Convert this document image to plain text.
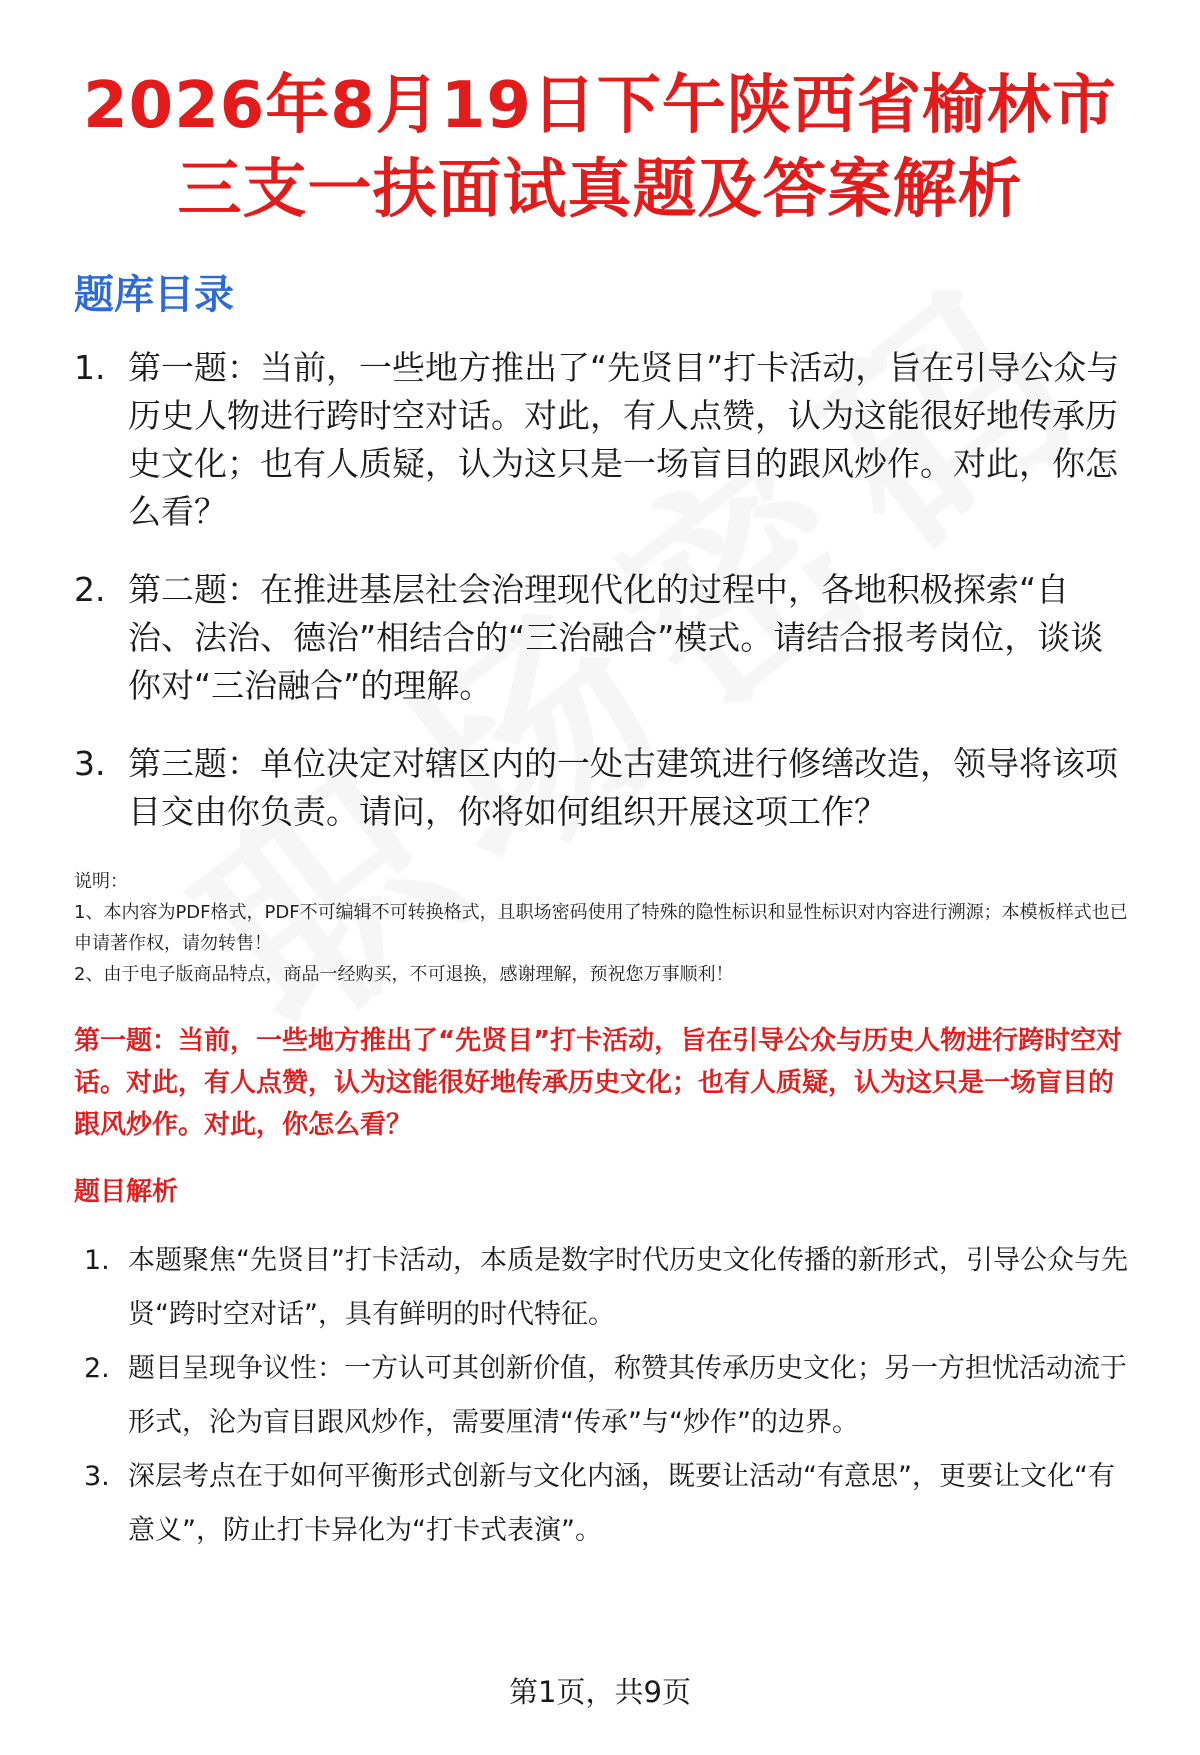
2026年8月19日下午陕西省榆林市
三支一扶面试真题及答案解析
题库目录
1. 第一题：当前，一些地方推出了“先贤目”打卡活动，旨在引导公众与历史人物进行跨时空对话。对此，有人点赞，认为这能很好地传承历史文化；也有人质疑，认为这只是一场盲目的跟风炒作。对此，你怎么看？
2. 第二题：在推进基层社会治理现代化的过程中，各地积极探索“自治、法治、德治”相结合的“三治融合”模式。请结合报考岗位，谈谈你对“三治融合”的理解。
3. 第三题：单位决定对辖区内的一处古建筑进行修缮改造，领导将该项目交由你负责。请问，你将如何组织开展这项工作？
说明：
1、本内容为PDF格式，PDF不可编辑不可转换格式，且职场密码使用了特殊的隐性标识和显性标识对内容进行溯源；本模板样式也已申请著作权，请勿转售！
2、由于电子版商品特点，商品一经购买，不可退换，感谢理解，预祝您万事顺利！
第一题：当前，一些地方推出了“先贤目”打卡活动，旨在引导公众与历史人物进行跨时空对话。对此，有人点赞，认为这能很好地传承历史文化；也有人质疑，认为这只是一场盲目的跟风炒作。对此，你怎么看？
题目解析
1. 本题聚焦“先贤目”打卡活动，本质是数字时代历史文化传播的新形式，引导公众与先贤“跨时空对话”，具有鲜明的时代特征。
2. 题目呈现争议性：一方认可其创新价值，称赞其传承历史文化；另一方担忧活动流于形式，沦为盲目跟风炒作，需要厘清“传承”与“炒作”的边界。
3. 深层考点在于如何平衡形式创新与文化内涵，既要让活动“有意思”，更要让文化“有意义”，防止打卡异化为“打卡式表演”。
第1页，共9页
